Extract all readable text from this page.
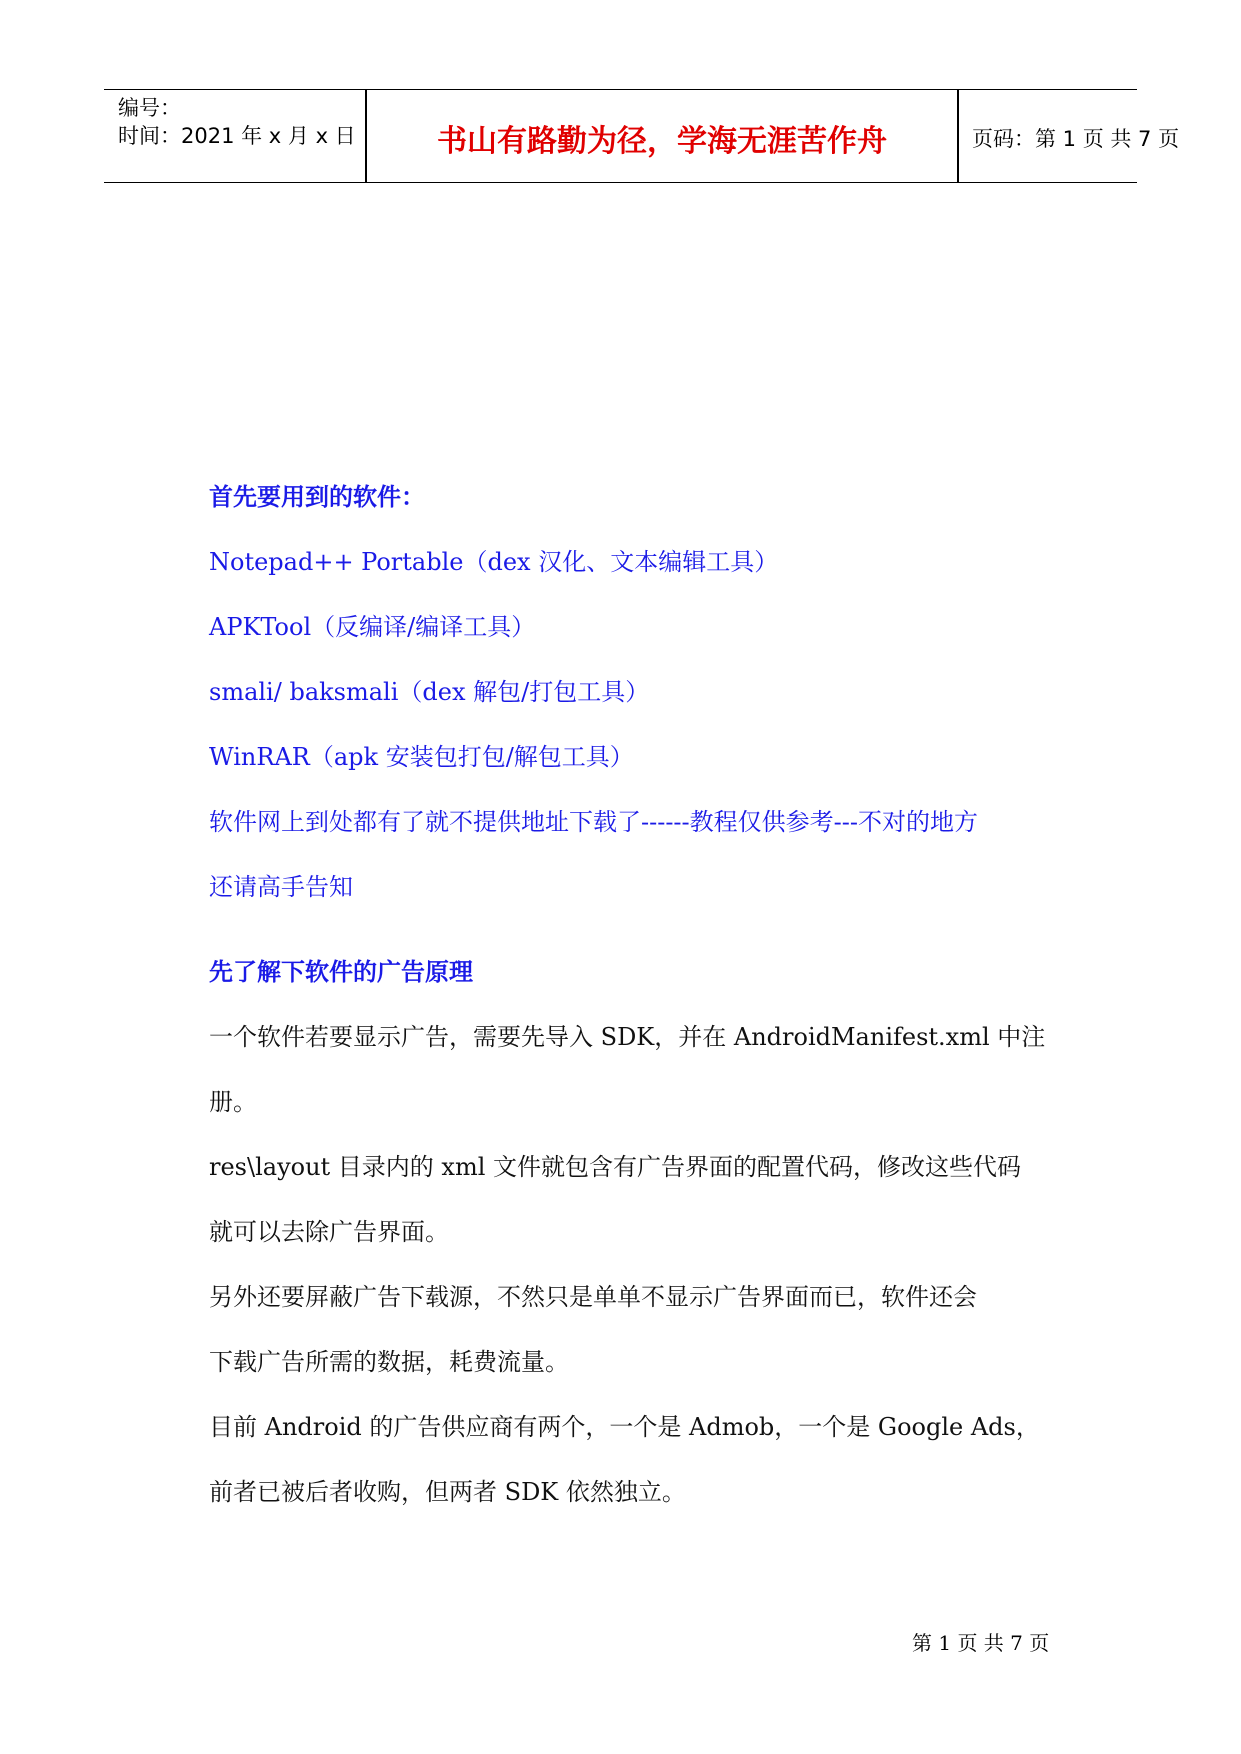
编号：
时间：2021 年 x 月 x 日	书山有路勤为径，学海无涯苦作舟	页码：第 1 页 共 7 页
首先要用到的软件：
Notepad++ Portable（dex 汉化、文本编辑工具）
APKTool（反编译/编译工具）
smali/ baksmali（dex 解包/打包工具）
WinRAR（apk 安装包打包/解包工具）
软件网上到处都有了就不提供地址下载了------教程仅供参考---不对的地方
还请高手告知
先了解下软件的广告原理
一个软件若要显示广告，需要先导入 SDK，并在 AndroidManifest.xml 中注
册。
res\layout 目录内的 xml 文件就包含有广告界面的配置代码，修改这些代码
就可以去除广告界面。
另外还要屏蔽广告下载源，不然只是单单不显示广告界面而已，软件还会
下载广告所需的数据，耗费流量。
目前 Android 的广告供应商有两个，一个是 Admob，一个是 Google Ads，
前者已被后者收购，但两者 SDK 依然独立。
第 1 页 共 7 页
